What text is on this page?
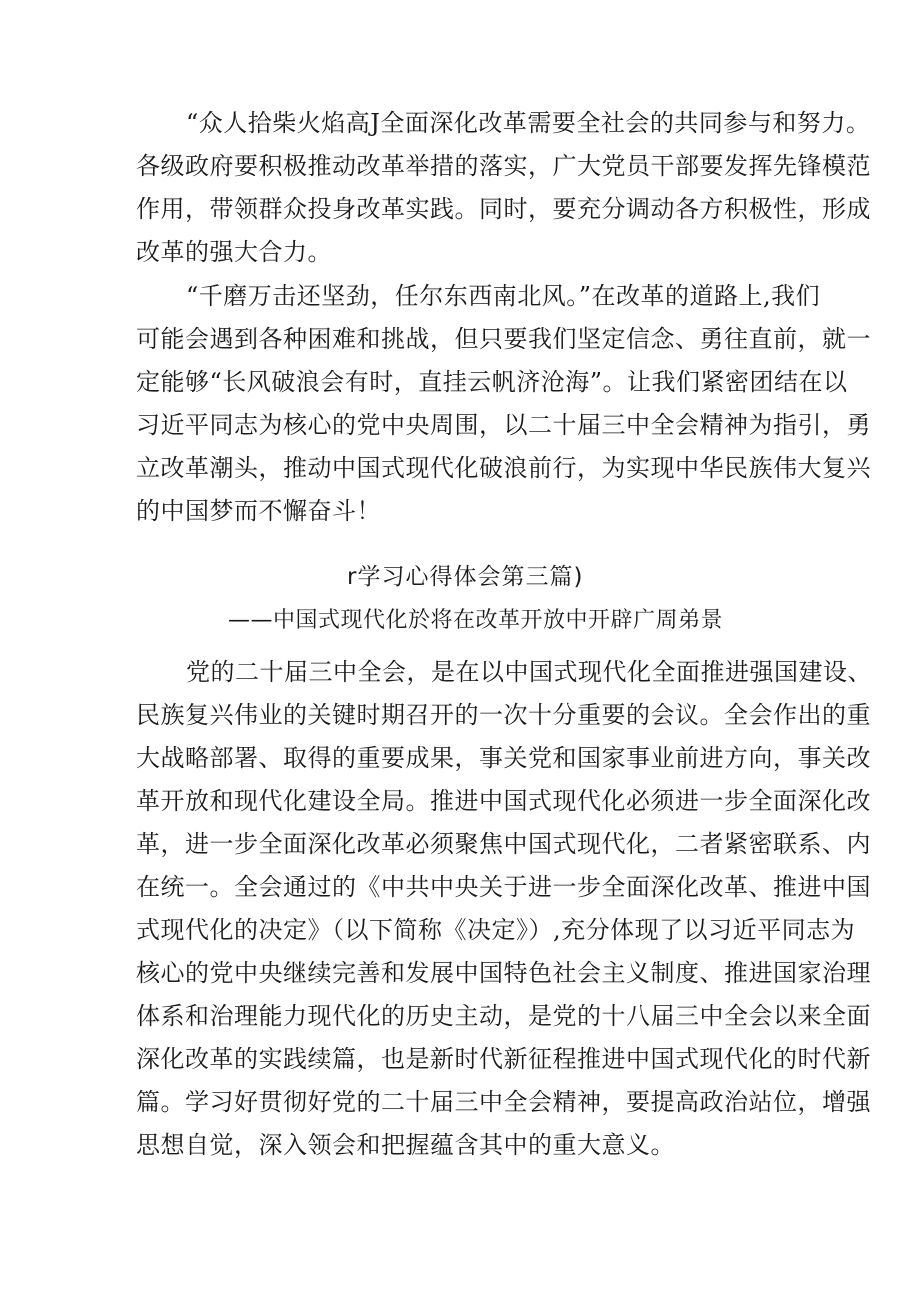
“众人拾柴火焰高J全面深化改革需要全社会的共同参与和努力。
各级政府要积极推动改革举措的落实，广大党员干部要发挥先锋模范
作用，带领群众投身改革实践。同时，要充分调动各方积极性，形成
改革的强大合力。
“千磨万击还坚劲，任尔东西南北风。”在改革的道路上,我们
可能会遇到各种困难和挑战，但只要我们坚定信念、勇往直前，就一
定能够“长风破浪会有时，直挂云帆济沧海”。让我们紧密团结在以
习近平同志为核心的党中央周围，以二十届三中全会精神为指引，勇
立改革潮头，推动中国式现代化破浪前行，为实现中华民族伟大复兴
的中国梦而不懈奋斗！
r学习心得体会第三篇)
——中国式现代化於将在改革开放中开辟广周弟景
党的二十届三中全会，是在以中国式现代化全面推进强国建设、
民族复兴伟业的关键时期召开的一次十分重要的会议。全会作出的重
大战略部署、取得的重要成果，事关党和国家事业前进方向，事关改
革开放和现代化建设全局。推进中国式现代化必须进一步全面深化改
革，进一步全面深化改革必须聚焦中国式现代化，二者紧密联系、内
在统一。全会通过的《中共中央关于进一步全面深化改革、推进中国
式现代化的决定》（以下简称《决定》）,充分体现了以习近平同志为
核心的党中央继续完善和发展中国特色社会主义制度、推进国家治理
体系和治理能力现代化的历史主动，是党的十八届三中全会以来全面
深化改革的实践续篇，也是新时代新征程推进中国式现代化的时代新
篇。学习好贯彻好党的二十届三中全会精神，要提高政治站位，增强
思想自觉，深入领会和把握蕴含其中的重大意义。
